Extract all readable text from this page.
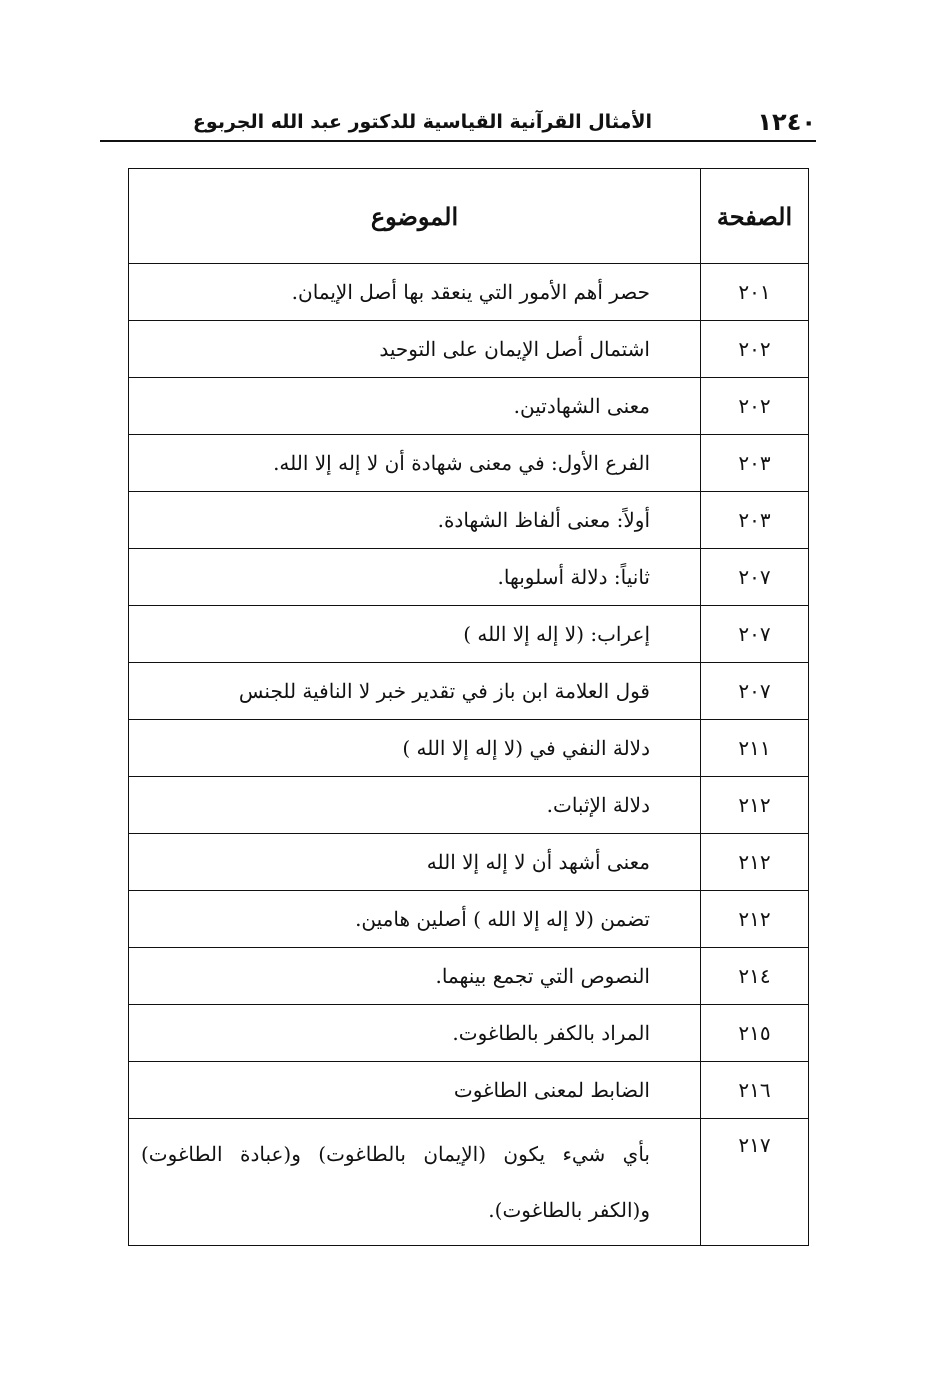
١٢٤٠
الأمثال القرآنية القياسية للدكتور عبد الله الجربوع
الصفحة	الموضوع
٢٠١	حصر أهم الأمور التي ينعقد بها أصل الإيمان.
٢٠٢	اشتمال أصل الإيمان على التوحيد
٢٠٢	معنى الشهادتين.
٢٠٣	الفرع الأول: في معنى شهادة أن لا إله إلا الله.
٢٠٣	أولاً: معنى ألفاظ الشهادة.
٢٠٧	ثانياً: دلالة أسلوبها.
٢٠٧	إعراب: (لا إله إلا الله )
٢٠٧	قول العلامة ابن باز في تقدير خبر لا النافية للجنس
٢١١	دلالة النفي في (لا إله إلا الله )
٢١٢	دلالة الإثبات.
٢١٢	معنى أشهد أن لا إله إلا الله
٢١٢	تضمن (لا إله إلا الله ) أصلين هامين.
٢١٤	النصوص التي تجمع بينهما.
٢١٥	المراد بالكفر بالطاغوت.
٢١٦	الضابط لمعنى الطاغوت
٢١٧	بأي شيء يكون (الإيمان بالطاغوت) و(عبادة الطاغوت) و(الكفر بالطاغوت).
